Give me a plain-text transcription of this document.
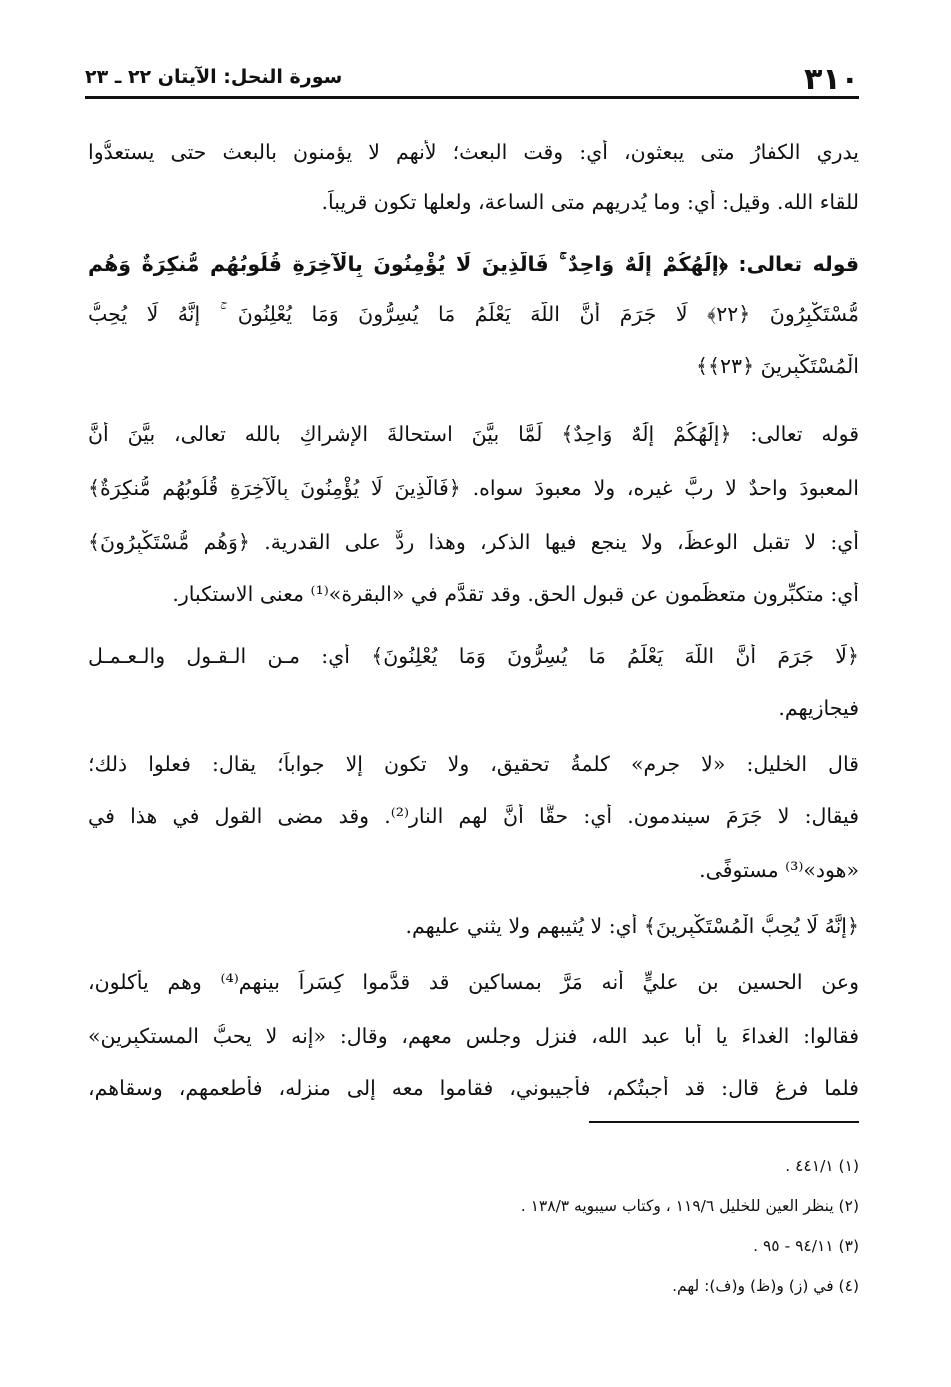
٣١٠
سورة النحل: الآيتان ٢٢ ـ ٢٣
يدري الكفارُ متى يبعثون، أي: وقت البعث؛ لأنهم لا يؤمنون بالبعث حتى يستعدُّوا
للقاء الله. وقيل: أي: وما يُدريهم متى الساعة، ولعلها تكون قريباً.
قوله تعالى: ﴿إِلَٰهُكُمْ إِلَٰهٌ وَاحِدٌ ۚ فَالَّذِينَ لَا يُؤْمِنُونَ بِالْآخِرَةِ قُلُوبُهُم مُّنكِرَةٌ وَهُم
مُّسْتَكْبِرُونَ ﴿٢٢﴾ لَا جَرَمَ أَنَّ اللَّهَ يَعْلَمُ مَا يُسِرُّونَ وَمَا يُعْلِنُونَ ۚ إِنَّهُ لَا يُحِبُّ
الْمُسْتَكْبِرِينَ ﴿٢٣﴾﴾
قوله تعالى: ﴿إِلَٰهُكُمْ إِلَٰهٌ وَاحِدٌ﴾ لَمَّا بيَّنَ استحالةَ الإشراكِ بالله تعالى، بيَّنَ أنَّ
المعبودَ واحدٌ لا ربَّ غيره، ولا معبودَ سواه. ﴿فَالَّذِينَ لَا يُؤْمِنُونَ بِالْآخِرَةِ قُلُوبُهُم مُّنكِرَةٌ﴾
أي: لا تقبل الوعظَ، ولا ينجع فيها الذكر، وهذا ردٌّ على القدرية. ﴿وَهُم مُّسْتَكْبِرُونَ﴾
أي: متكبِّرون متعظِّمون عن قبول الحق. وقد تقدَّم في «البقرة»⁽¹⁾ معنى الاستكبار.
﴿لَا جَرَمَ أَنَّ اللَّهَ يَعْلَمُ مَا يُسِرُّونَ وَمَا يُعْلِنُونَ﴾ أي: مـن الـقـول والـعـمـل
فيجازيهم.
قال الخليل: «لا جرم» كلمةُ تحقيق، ولا تكون إلا جواباً؛ يقال: فعلوا ذلك؛
فيقال: لا جَرَمَ سيندمون. أي: حقًّا أنَّ لهم النار⁽²⁾. وقد مضى القول في هذا في
«هود»⁽³⁾ مستوفًى.
﴿إِنَّهُ لَا يُحِبُّ الْمُسْتَكْبِرِينَ﴾ أي: لا يُثيبهم ولا يثني عليهم.
وعن الحسين بن عليٍّ أنه مَرَّ بمساكين قد قدَّموا كِسَراً بينهم⁽⁴⁾ وهم يأكلون،
فقالوا: الغداءَ يا أبا عبد الله، فنزل وجلس معهم، وقال: «إنه لا يحبُّ المستكبِرين»
فلما فرغ قال: قد أجبتُكم، فأجيبوني، فقاموا معه إلى منزله، فأطعمهم، وسقاهم،
(١) ٤٤١/١ .
(٢) ينظر العين للخليل ١١٩/٦ ، وكتاب سيبويه ١٣٨/٣ .
(٣) ٩٤/١١ - ٩٥ .
(٤) في (ز) و(ظ) و(ف): لهم.
